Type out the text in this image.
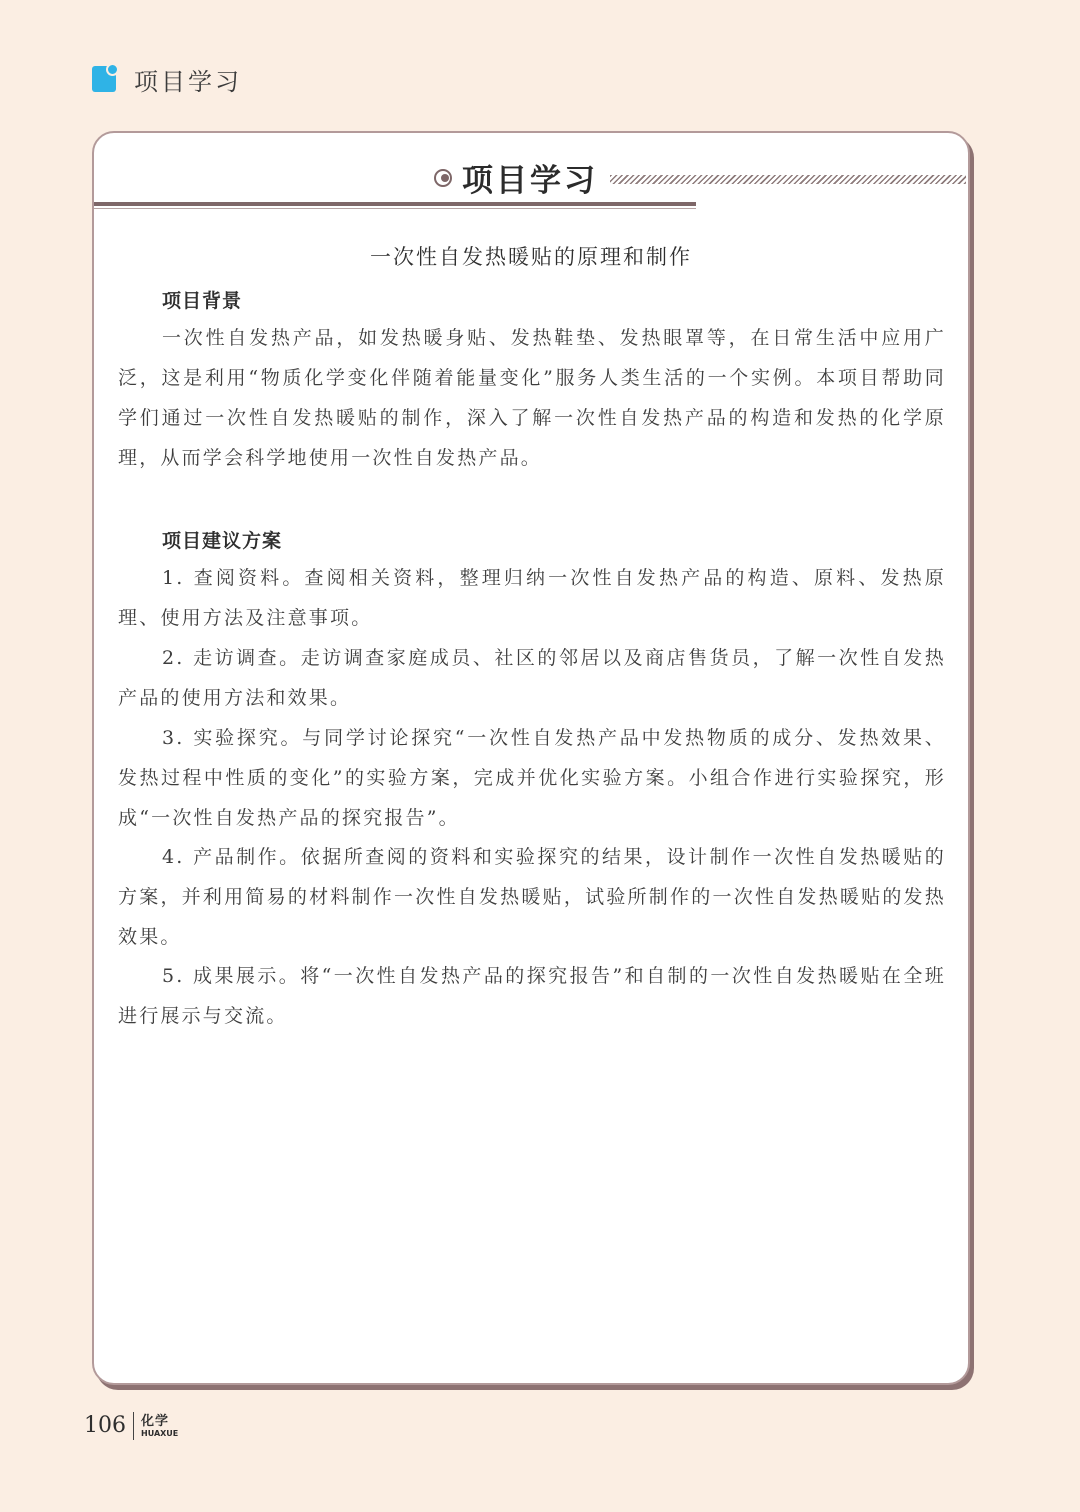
项目学习
项目学习
一次性自发热暖贴的原理和制作
项目背景

一次性自发热产品，如发热暖身贴、发热鞋垫、发热眼罩等，在日常生活中应用广泛，这是利用“物质化学变化伴随着能量变化”服务人类生活的一个实例。本项目帮助同学们通过一次性自发热暖贴的制作，深入了解一次性自发热产品的构造和发热的化学原理，从而学会科学地使用一次性自发热产品。

项目建议方案

1. 查阅资料。查阅相关资料，整理归纳一次性自发热产品的构造、原料、发热原理、使用方法及注意事项。

2. 走访调查。走访调查家庭成员、社区的邻居以及商店售货员，了解一次性自发热产品的使用方法和效果。

3. 实验探究。与同学讨论探究“一次性自发热产品中发热物质的成分、发热效果、发热过程中性质的变化”的实验方案，完成并优化实验方案。小组合作进行实验探究，形成“一次性自发热产品的探究报告”。

4. 产品制作。依据所查阅的资料和实验探究的结果，设计制作一次性自发热暖贴的方案，并利用简易的材料制作一次性自发热暖贴，试验所制作的一次性自发热暖贴的发热效果。

5. 成果展示。将“一次性自发热产品的探究报告”和自制的一次性自发热暖贴在全班进行展示与交流。

106	化学
HUAXUE
